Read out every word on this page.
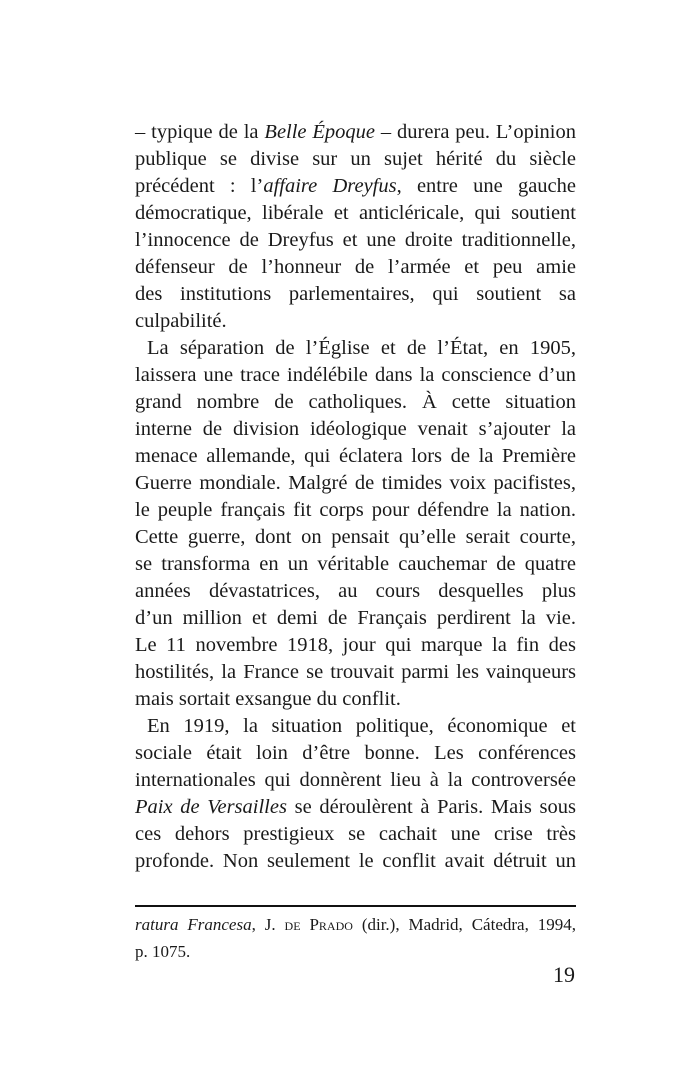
– typique de la Belle Époque – durera peu. L’opinion
publique se divise sur un sujet hérité du siècle
précédent : l’affaire Dreyfus, entre une gauche
démocratique, libérale et anticléricale, qui soutient
l’innocence de Dreyfus et une droite traditionnelle,
défenseur de l’honneur de l’armée et peu amie
des institutions parlementaires, qui soutient sa
culpabilité.
La séparation de l’Église et de l’État, en 1905,
laissera une trace indélébile dans la conscience d’un
grand nombre de catholiques. À cette situation
interne de division idéologique venait s’ajouter la
menace allemande, qui éclatera lors de la Première
Guerre mondiale. Malgré de timides voix pacifistes,
le peuple français fit corps pour défendre la nation.
Cette guerre, dont on pensait qu’elle serait courte,
se transforma en un véritable cauchemar de quatre
années dévastatrices, au cours desquelles plus
d’un million et demi de Français perdirent la vie.
Le 11 novembre 1918, jour qui marque la fin des
hostilités, la France se trouvait parmi les vainqueurs
mais sortait exsangue du conflit.
En 1919, la situation politique, économique et
sociale était loin d’être bonne. Les conférences
internationales qui donnèrent lieu à la controversée
Paix de Versailles se déroulèrent à Paris. Mais sous
ces dehors prestigieux se cachait une crise très
profonde. Non seulement le conflit avait détruit un
ratura Francesa, J. de Prado (dir.), Madrid, Cátedra, 1994,
p. 1075.
19
